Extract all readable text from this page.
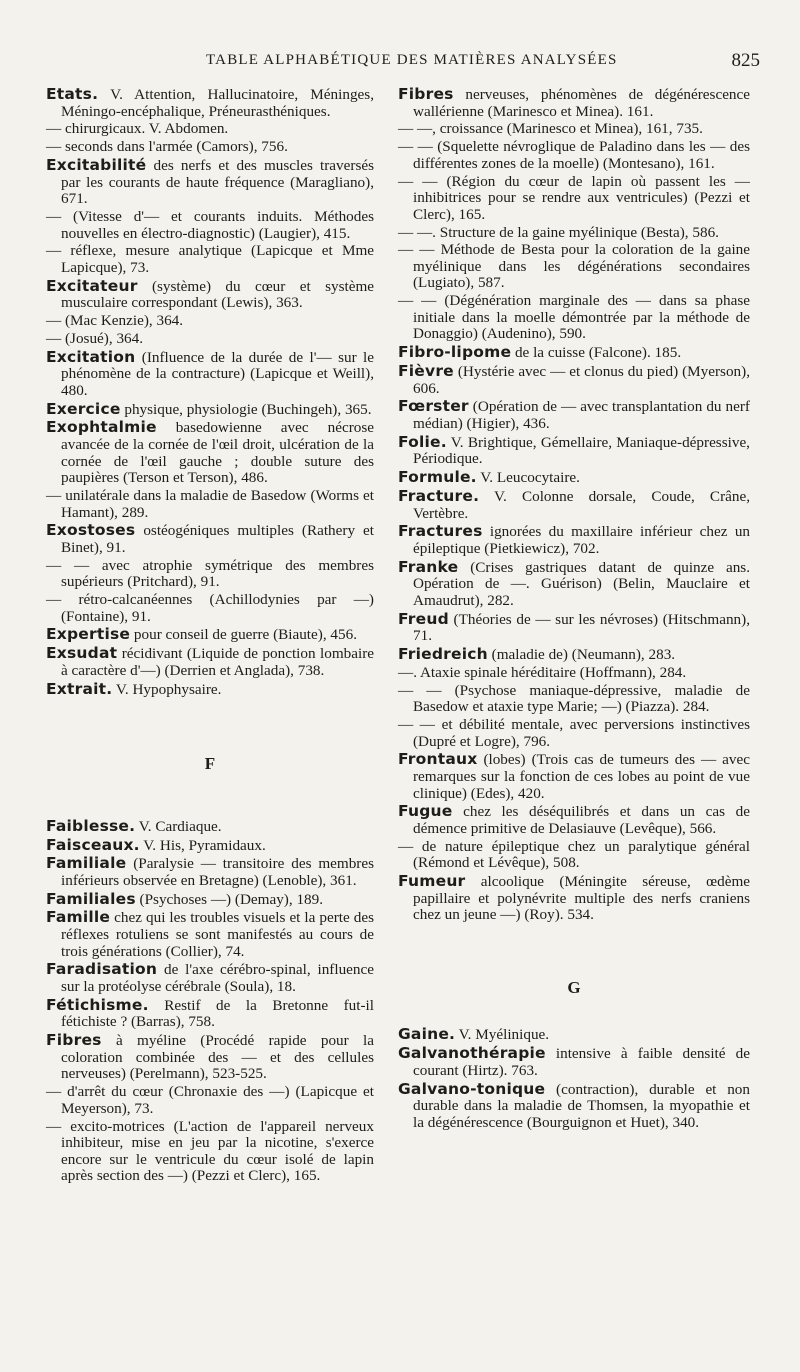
TABLE ALPHABÉTIQUE DES MATIÈRES ANALYSÉES	825
Etats. V. Attention, Hallucinatoire, Méninges, Méningo-encéphalique, Préneurasthéniques.
— chirurgicaux. V. Abdomen.
— seconds dans l'armée (Camors), 756.
Excitabilité des nerfs et des muscles traversés par les courants de haute fréquence (Maragliano), 671.
— (Vitesse d'— et courants induits. Méthodes nouvelles en électro-diagnostic) (Laugier), 415.
— réflexe, mesure analytique (Lapicque et Mme Lapicque), 73.
Excitateur (système) du cœur et système musculaire correspondant (Lewis), 363.
— (Mac Kenzie), 364.
— (Josué), 364.
Excitation (Influence de la durée de l'— sur le phénomène de la contracture) (Lapicque et Weill), 480.
Exercice physique, physiologie (Buchingeh), 365.
Exophtalmie basedowienne avec nécrose avancée de la cornée de l'œil droit, ulcération de la cornée de l'œil gauche ; double suture des paupières (Terson et Terson), 486.
— unilatérale dans la maladie de Basedow (Worms et Hamant), 289.
Exostoses ostéogéniques multiples (Rathery et Binet), 91.
— — avec atrophie symétrique des membres supérieurs (Pritchard), 91.
— rétro-calcanéennes (Achillodynies par —) (Fontaine), 91.
Expertise pour conseil de guerre (Biaute), 456.
Exsudat récidivant (Liquide de ponction lombaire à caractère d'—) (Derrien et Anglada), 738.
Extrait. V. Hypophysaire.
F
Faiblesse. V. Cardiaque.
Faisceaux. V. His, Pyramidaux.
Familiale (Paralysie — transitoire des membres inférieurs observée en Bretagne) (Lenoble), 361.
Familiales (Psychoses —) (Demay), 189.
Famille chez qui les troubles visuels et la perte des réflexes rotuliens se sont manifestés au cours de trois générations (Collier), 74.
Faradisation de l'axe cérébro-spinal, influence sur la protéolyse cérébrale (Soula), 18.
Fétichisme. Restif de la Bretonne fut-il fétichiste ? (Barras), 758.
Fibres à myéline (Procédé rapide pour la coloration combinée des — et des cellules nerveuses) (Perelmann), 523-525.
— d'arrêt du cœur (Chronaxie des —) (Lapicque et Meyerson), 73.
— excito-motrices (L'action de l'appareil nerveux inhibiteur, mise en jeu par la nicotine, s'exerce encore sur le ventricule du cœur isolé de lapin après section des —) (Pezzi et Clerc), 165.
Fibres nerveuses, phénomènes de dégénérescence wallérienne (Marinesco et Minea). 161.
— —, croissance (Marinesco et Minea), 161, 735.
— — (Squelette névroglique de Paladino dans les — des différentes zones de la moelle) (Montesano), 161.
— — (Région du cœur de lapin où passent les — inhibitrices pour se rendre aux ventricules) (Pezzi et Clerc), 165.
— —. Structure de la gaine myélinique (Besta), 586.
— — Méthode de Besta pour la coloration de la gaine myélinique dans les dégénérations secondaires (Lugiato), 587.
— — (Dégénération marginale des — dans sa phase initiale dans la moelle démontrée par la méthode de Donaggio) (Audenino), 590.
Fibro-lipome de la cuisse (Falcone). 185.
Fièvre (Hystérie avec — et clonus du pied) (Myerson), 606.
Fœrster (Opération de — avec transplantation du nerf médian) (Higier), 436.
Folie. V. Brightique, Gémellaire, Maniaque-dépressive, Périodique.
Formule. V. Leucocytaire.
Fracture. V. Colonne dorsale, Coude, Crâne, Vertèbre.
Fractures ignorées du maxillaire inférieur chez un épileptique (Pietkiewicz), 702.
Franke (Crises gastriques datant de quinze ans. Opération de —. Guérison) (Belin, Mauclaire et Amaudrut), 282.
Freud (Théories de — sur les névroses) (Hitschmann), 71.
Friedreich (maladie de) (Neumann), 283.
—. Ataxie spinale héréditaire (Hoffmann), 284.
— — (Psychose maniaque-dépressive, maladie de Basedow et ataxie type Marie; —) (Piazza). 284.
— — et débilité mentale, avec perversions instinctives (Dupré et Logre), 796.
Frontaux (lobes) (Trois cas de tumeurs des — avec remarques sur la fonction de ces lobes au point de vue clinique) (Edes), 420.
Fugue chez les déséquilibrés et dans un cas de démence primitive de Delasiauve (Levêque), 566.
— de nature épileptique chez un paralytique général (Rémond et Lévêque), 508.
Fumeur alcoolique (Méningite séreuse, œdème papillaire et polynévrite multiple des nerfs craniens chez un jeune —) (Roy). 534.
G
Gaine. V. Myélinique.
Galvanothérapie intensive à faible densité de courant (Hirtz). 763.
Galvano-tonique (contraction), durable et non durable dans la maladie de Thomsen, la myopathie et la dégénérescence (Bourguignon et Huet), 340.
